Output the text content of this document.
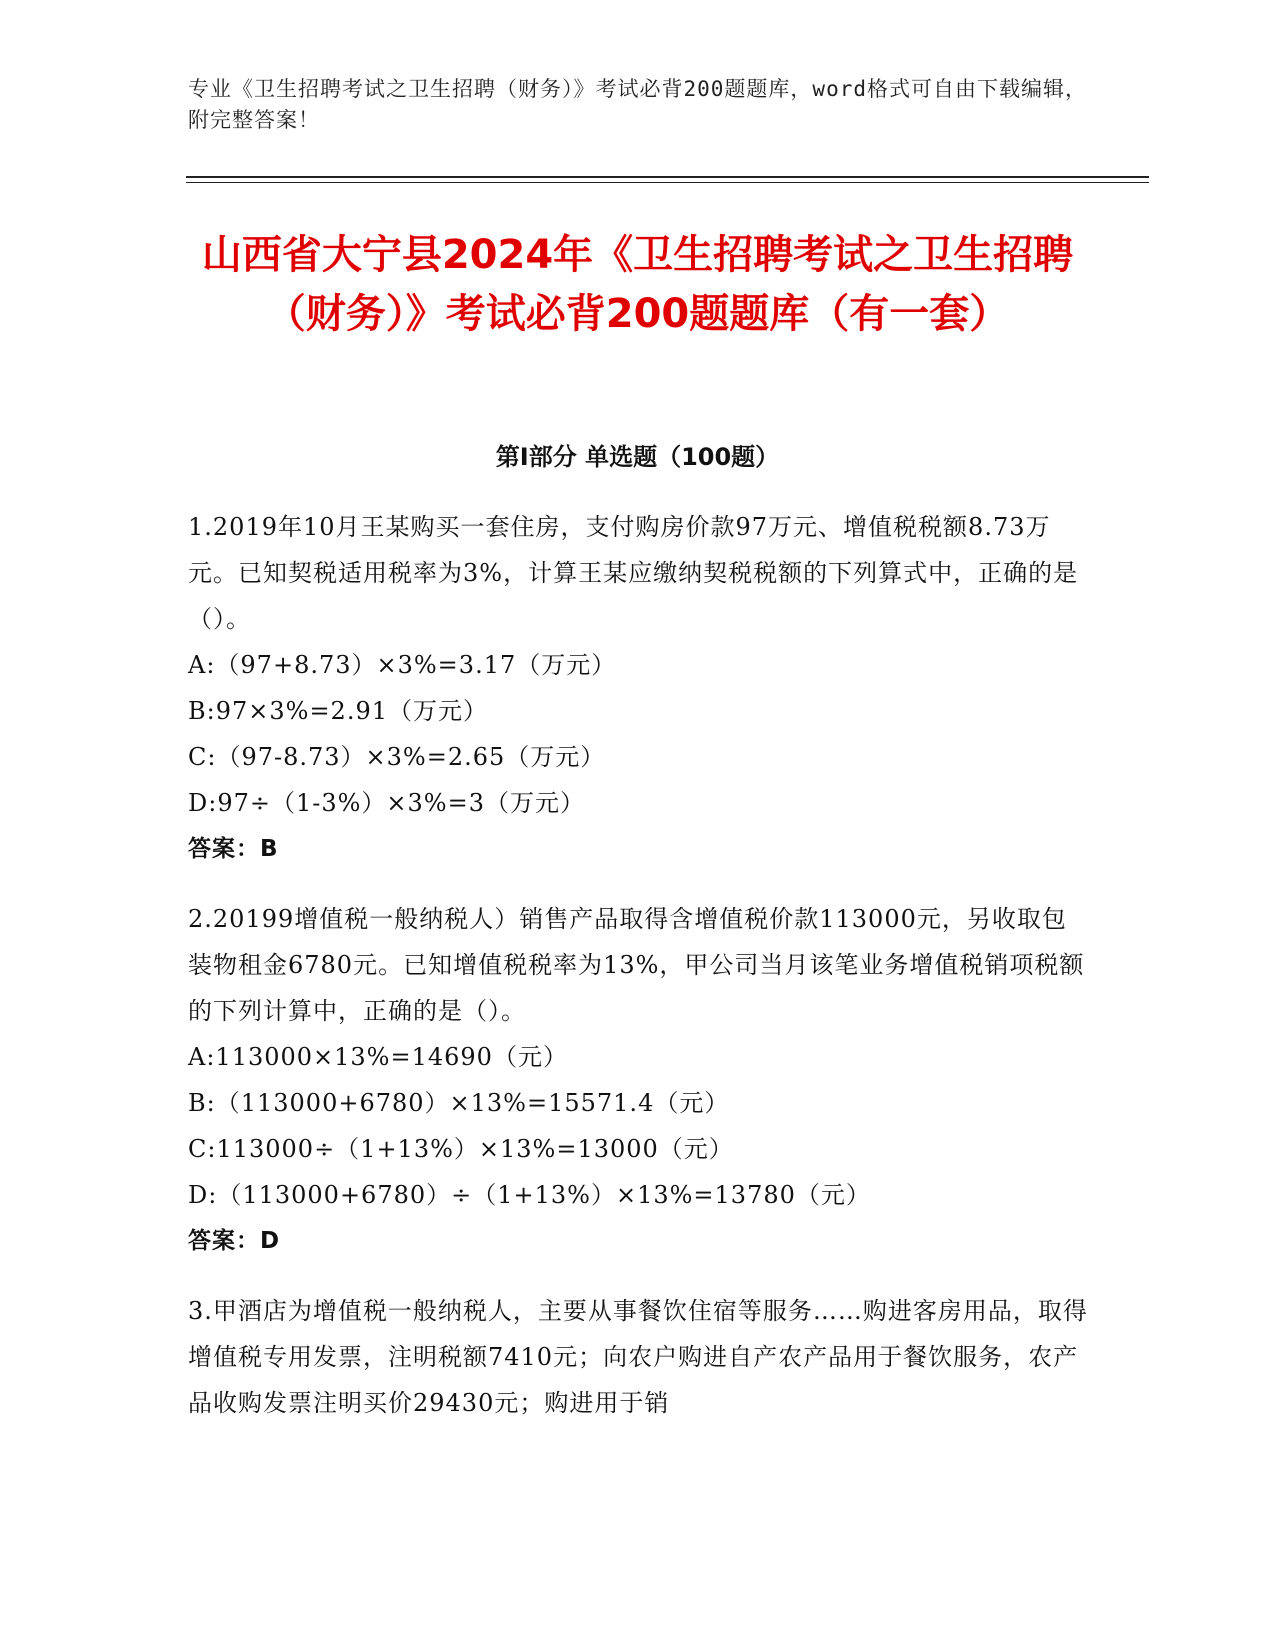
专业《卫生招聘考试之卫生招聘（财务）》考试必背200题题库，word格式可自由下载编辑，附完整答案！
山西省大宁县2024年《卫生招聘考试之卫生招聘（财务）》考试必背200题题库（有一套）
第Ⅰ部分 单选题（100题）

1.2019年10月王某购买一套住房，支付购房价款97万元、增值税税额8.73万元。已知契税适用税率为3%，计算王某应缴纳契税税额的下列算式中，正确的是（）。

A:（97+8.73）×3%=3.17（万元）

B:97×3%=2.91（万元）

C:（97-8.73）×3%=2.65（万元）

D:97÷（1-3%）×3%=3（万元）

答案：B

2.20199增值税一般纳税人）销售产品取得含增值税价款113000元，另收取包装物租金6780元。已知增值税税率为13%，甲公司当月该笔业务增值税销项税额的下列计算中，正确的是（）。

A:113000×13%=14690（元）

B:（113000+6780）×13%=15571.4（元）

C:113000÷（1+13%）×13%=13000（元）

D:（113000+6780）÷（1+13%）×13%=13780（元）

答案：D

3.甲酒店为增值税一般纳税人，主要从事餐饮住宿等服务……购进客房用品，取得增值税专用发票，注明税额7410元；向农户购进自产农产品用于餐饮服务，农产品收购发票注明买价29430元；购进用于销
